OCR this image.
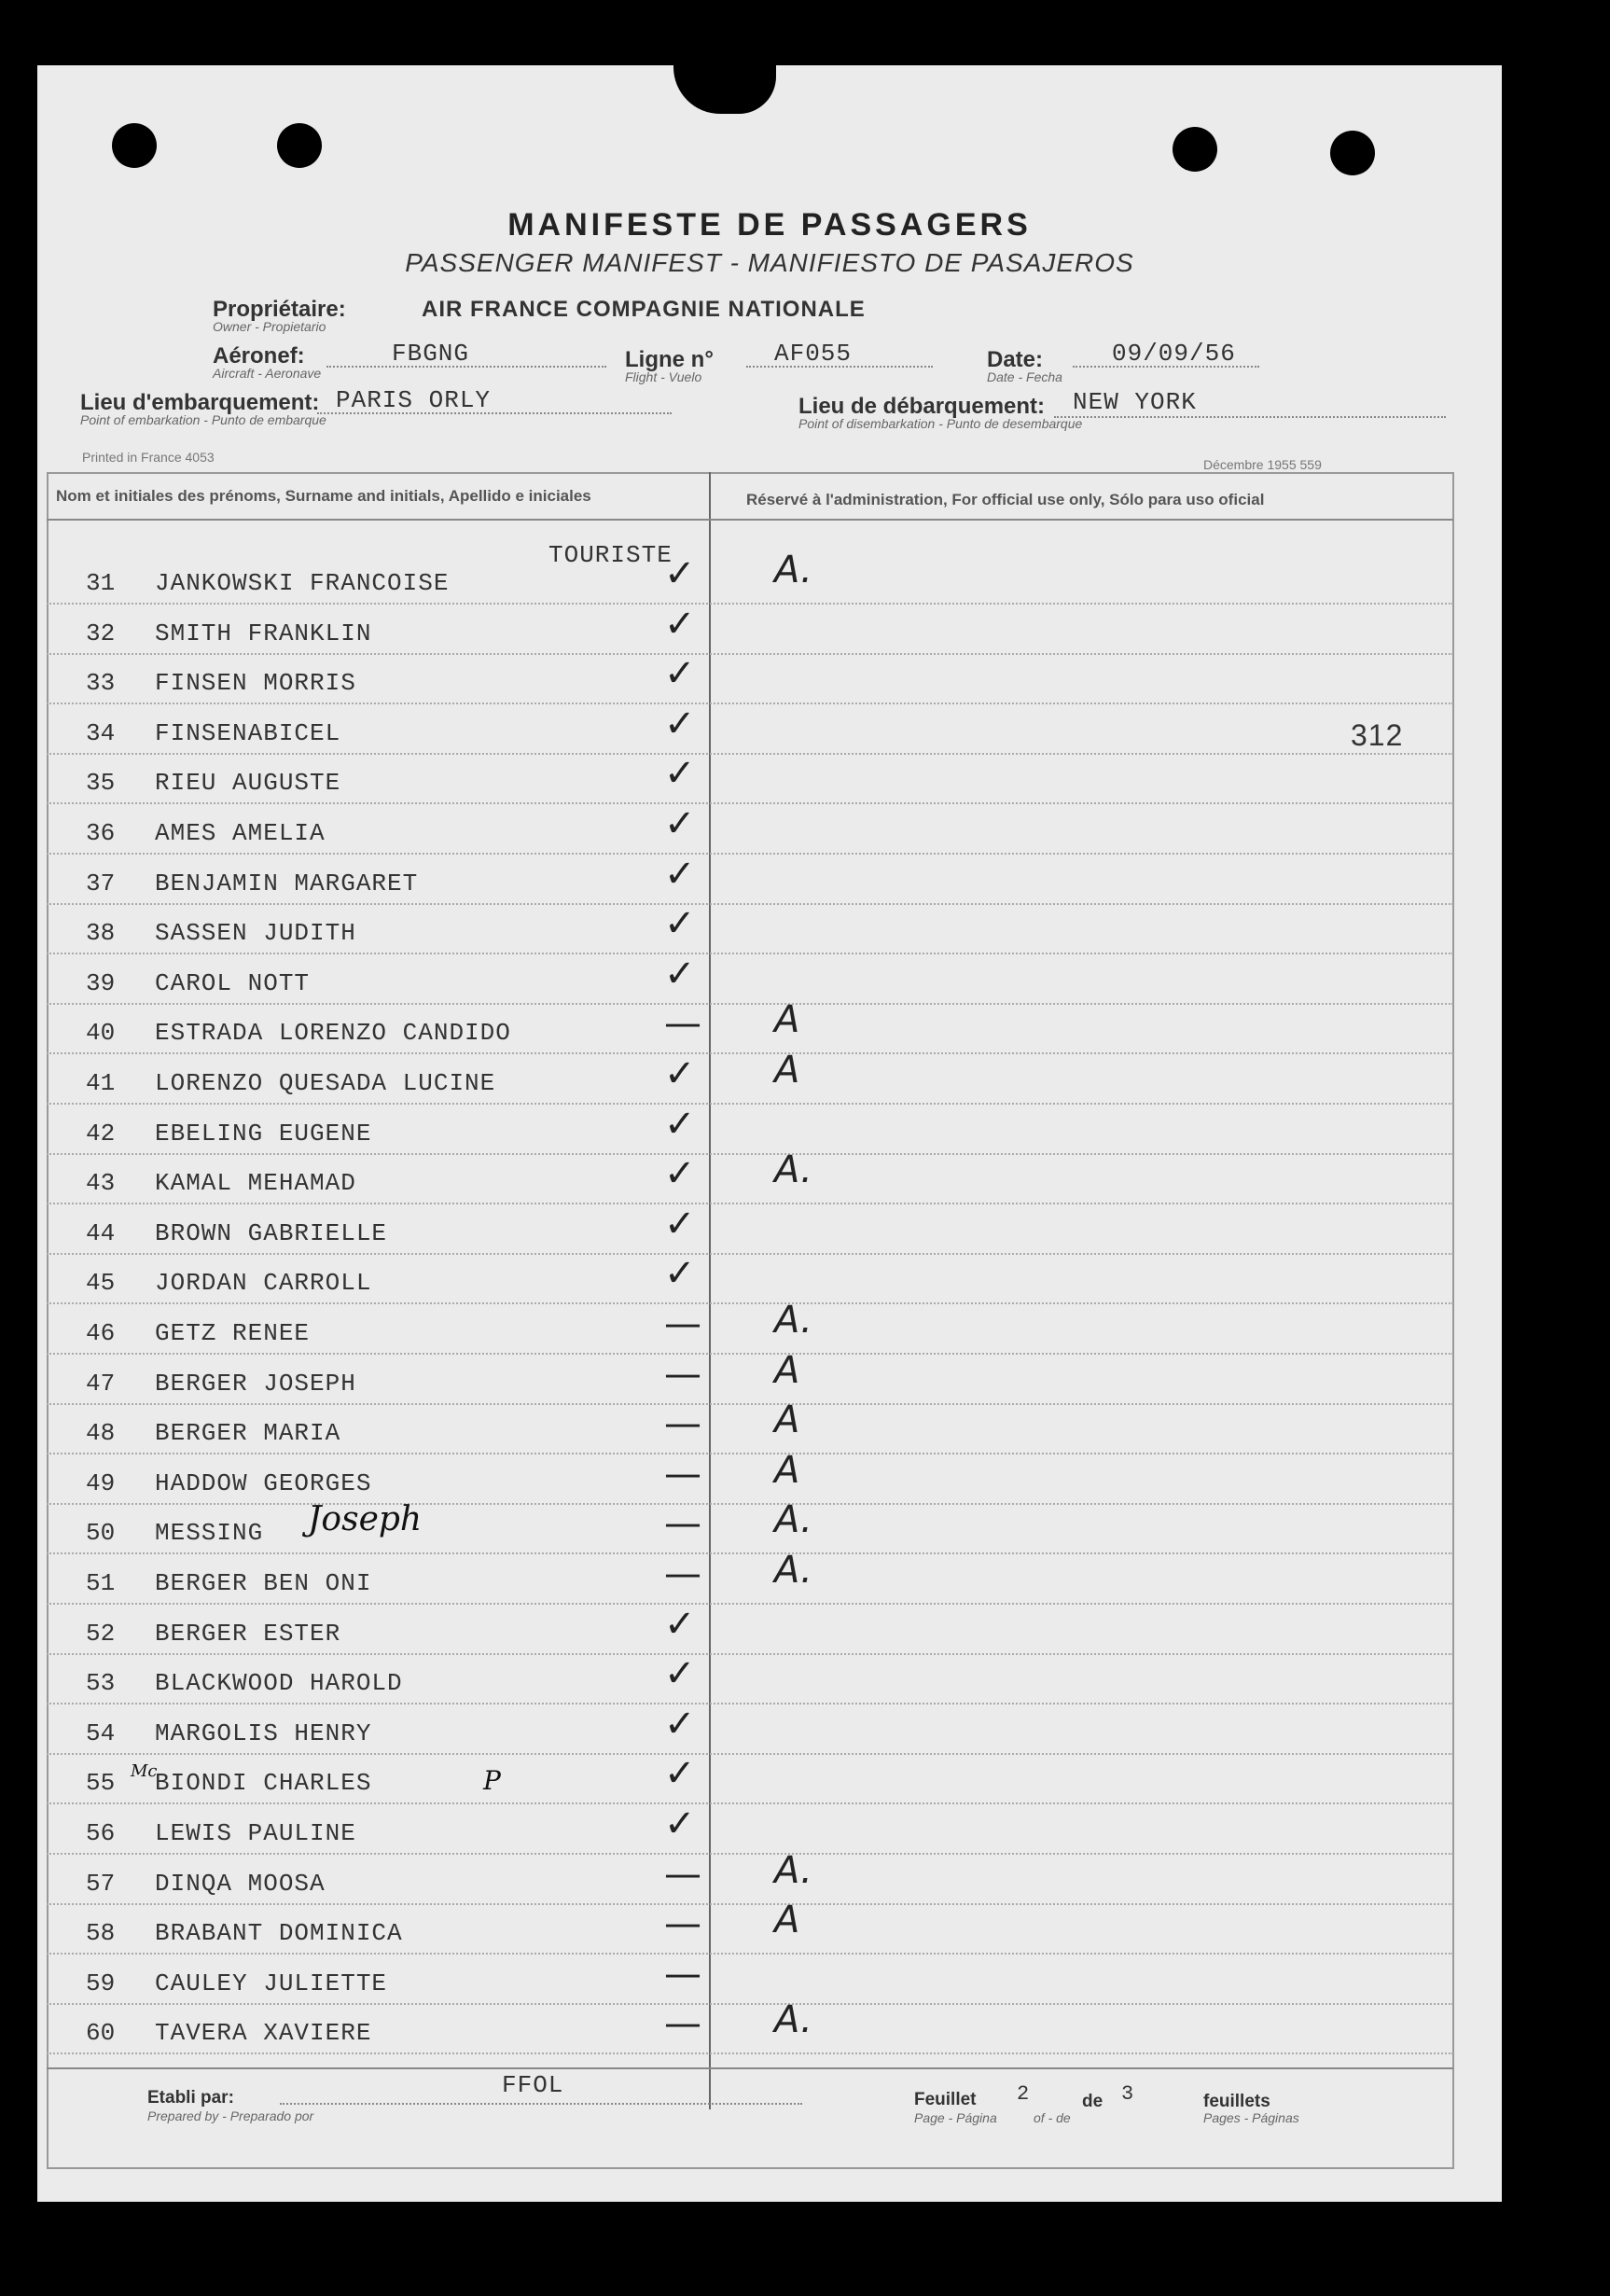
MANIFESTE DE PASSAGERS
PASSENGER MANIFEST - MANIFIESTO DE PASAJEROS
Propriétaire:
Owner - Propietario
AIR FRANCE COMPAGNIE NATIONALE
Aéronef:
Aircraft - Aeronave
FBGNG	Ligne n°
Flight - Vuelo
AF055	Date:
Date - Fecha
09/09/56
Lieu d'embarquement:
Point of embarkation - Punto de embarque
PARIS ORLY	Lieu de débarquement:
Point of disembarkation - Punto de desembarque
NEW YORK
Printed in France 4053	Décembre 1955 559
Nom et initiales des prénoms, Surname and initials, Apellido e iniciales	Réservé à l'administration, For official use only, Sólo para uso oficial
TOURISTE
312
31 JANKOWSKI FRANCOISE	✓ A.
32 SMITH FRANKLIN	✓
33 FINSEN MORRIS	✓
34 FINSENABICEL	✓
35 RIEU AUGUSTE	✓
36 AMES AMELIA	✓
37 BENJAMIN MARGARET	✓
38 SASSEN JUDITH	✓
39 CAROL NOTT	✓
40 ESTRADA LORENZO CANDIDO	— A
41 LORENZO QUESADA LUCINE	✓ A
42 EBELING EUGENE	✓
43 KAMAL MEHAMAD	✓ A.
44 BROWN GABRIELLE	✓
45 JORDAN CARROLL	✓
46 GETZ RENEE	— A.
47 BERGER JOSEPH	— A
48 BERGER MARIA	— A
49 HADDOW GEORGES	— A
50 MESSING	— A.
51 BERGER BEN ONI	— A.
52 BERGER ESTER	✓
53 BLACKWOOD HAROLD	✓
54 MARGOLIS HENRY	✓
55 BIONDI CHARLES	✓
56 LEWIS PAULINE	✓
57 DINQA MOOSA	— A.
58 BRABANT DOMINICA	— A
59 CAULEY JULIETTE	—
60 TAVERA XAVIERE	— A.
Joseph
Mc	P
Etabli par:
Prepared by - Preparado por
FFOL
Feuillet
Page - Página
2	de
of - de
3	feuillets
Pages - Páginas
